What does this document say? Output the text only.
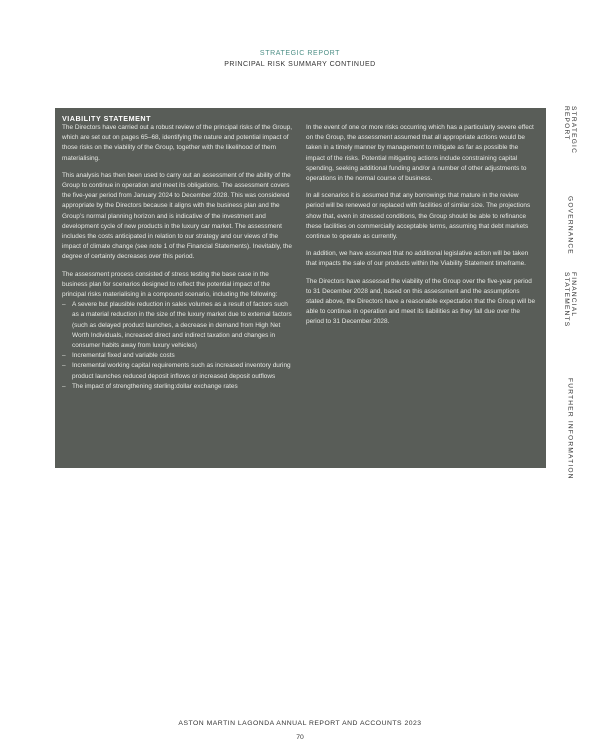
STRATEGIC REPORT
PRINCIPAL RISK SUMMARY CONTINUED
VIABILITY STATEMENT

The Directors have carried out a robust review of the principal risks of the Group, which are set out on pages 65–68, identifying the nature and potential impact of those risks on the viability of the Group, together with the likelihood of them materialising.

This analysis has then been used to carry out an assessment of the ability of the Group to continue in operation and meet its obligations. The assessment covers the five-year period from January 2024 to December 2028. This was considered appropriate by the Directors because it aligns with the business plan and the Group’s normal planning horizon and is indicative of the investment and development cycle of new products in the luxury car market. The assessment includes the costs anticipated in relation to our strategy and our views of the impact of climate change (see note 1 of the Financial Statements). Inevitably, the degree of certainty decreases over this period.

The assessment process consisted of stress testing the base case in the business plan for scenarios designed to reflect the potential impact of the principal risks materialising in a compound scenario, including the following:

– A severe but plausible reduction in sales volumes as a result of factors such as a material reduction in the size of the luxury market due to external factors (such as delayed product launches, a decrease in demand from High Net Worth Individuals, increased direct and indirect taxation and changes in consumer habits away from luxury vehicles)
– Incremental fixed and variable costs
– Incremental working capital requirements such as increased inventory during product launches reduced deposit inflows or increased deposit outflows
– The impact of strengthening sterling:dollar exchange rates

In the event of one or more risks occurring which has a particularly severe effect on the Group, the assessment assumed that all appropriate actions would be taken in a timely manner by management to mitigate as far as possible the impact of the risks. Potential mitigating actions include constraining capital spending, seeking additional funding and/or a number of other adjustments to operations in the normal course of business.

In all scenarios it is assumed that any borrowings that mature in the review period will be renewed or replaced with facilities of similar size. The projections show that, even in stressed conditions, the Group should be able to refinance these facilities on commercially acceptable terms, assuming that debt markets continue to operate as currently.

In addition, we have assumed that no additional legislative action will be taken that impacts the sale of our products within the Viability Statement timeframe.

The Directors have assessed the viability of the Group over the five-year period to 31 December 2028 and, based on this assessment and the assumptions stated above, the Directors have a reasonable expectation that the Group will be able to continue in operation and meet its liabilities as they fall due over the period to 31 December 2028.

STRATEGIC REPORT
GOVERNANCE
FINANCIAL STATEMENTS
FURTHER INFORMATION
ASTON MARTIN LAGONDA ANNUAL REPORT AND ACCOUNTS 2023
70
